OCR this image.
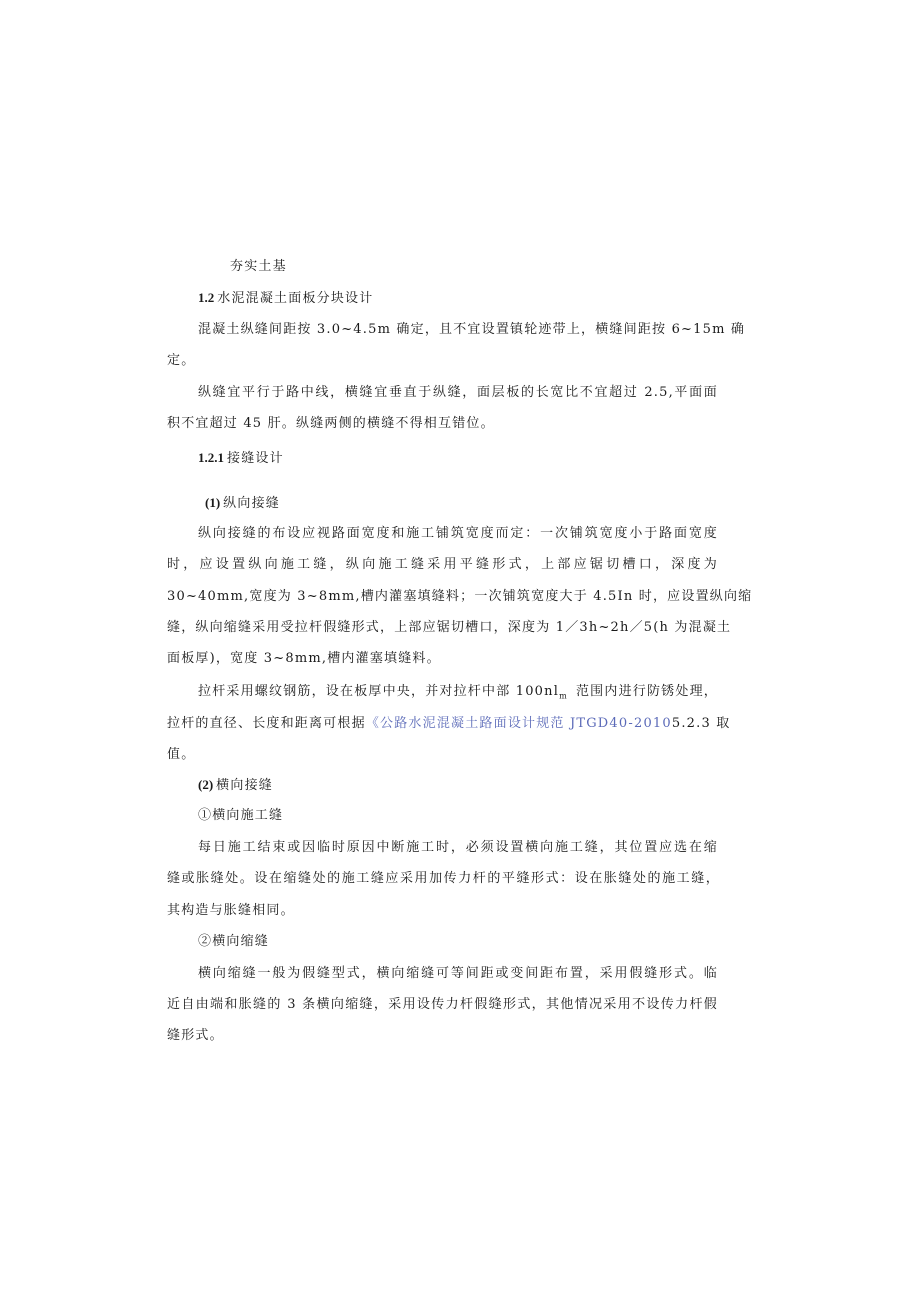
夯实土基
1.2 水泥混凝土面板分块设计
混凝土纵缝间距按 3.0~4.5m 确定，且不宜设置镇轮迹带上，横缝间距按 6~15m 确
定。
纵缝宜平行于路中线，横缝宜垂直于纵缝，面层板的长宽比不宜超过 2.5,平面面
积不宜超过 45 肝。纵缝两侧的横缝不得相互错位。
1.2.1 接缝设计
(1) 纵向接缝
纵向接缝的布设应视路面宽度和施工铺筑宽度而定：一次铺筑宽度小于路面宽度
时，应设置纵向施工缝，纵向施工缝采用平缝形式，上部应锯切槽口，深度为
30~40mm,宽度为 3~8mm,槽内灌塞填缝料；一次铺筑宽度大于 4.5In 时，应设置纵向缩
缝，纵向缩缝采用受拉杆假缝形式，上部应锯切槽口，深度为 1／3h~2h／5(h 为混凝土
面板厚)，宽度 3~8mm,槽内灌塞填缝料。
拉杆采用螺纹钢筋，设在板厚中央，并对拉杆中部 $100nl_m$ 范围内进行防锈处理，
拉杆的直径、长度和距离可根据 《公路水泥混凝土路面设计规范 JTGD40-2010 5.2.3 取
值。
(2) 横向接缝
①横向施工缝
每日施工结束或因临时原因中断施工时，必须设置横向施工缝，其位置应选在缩
缝或胀缝处。设在缩缝处的施工缝应采用加传力杆的平缝形式：设在胀缝处的施工缝，
其构造与胀缝相同。
②横向缩缝
横向缩缝一般为假缝型式，横向缩缝可等间距或变间距布置，采用假缝形式。临
近自由端和胀缝的 3 条横向缩缝，采用设传力杆假缝形式，其他情况采用不设传力杆假
缝形式。
